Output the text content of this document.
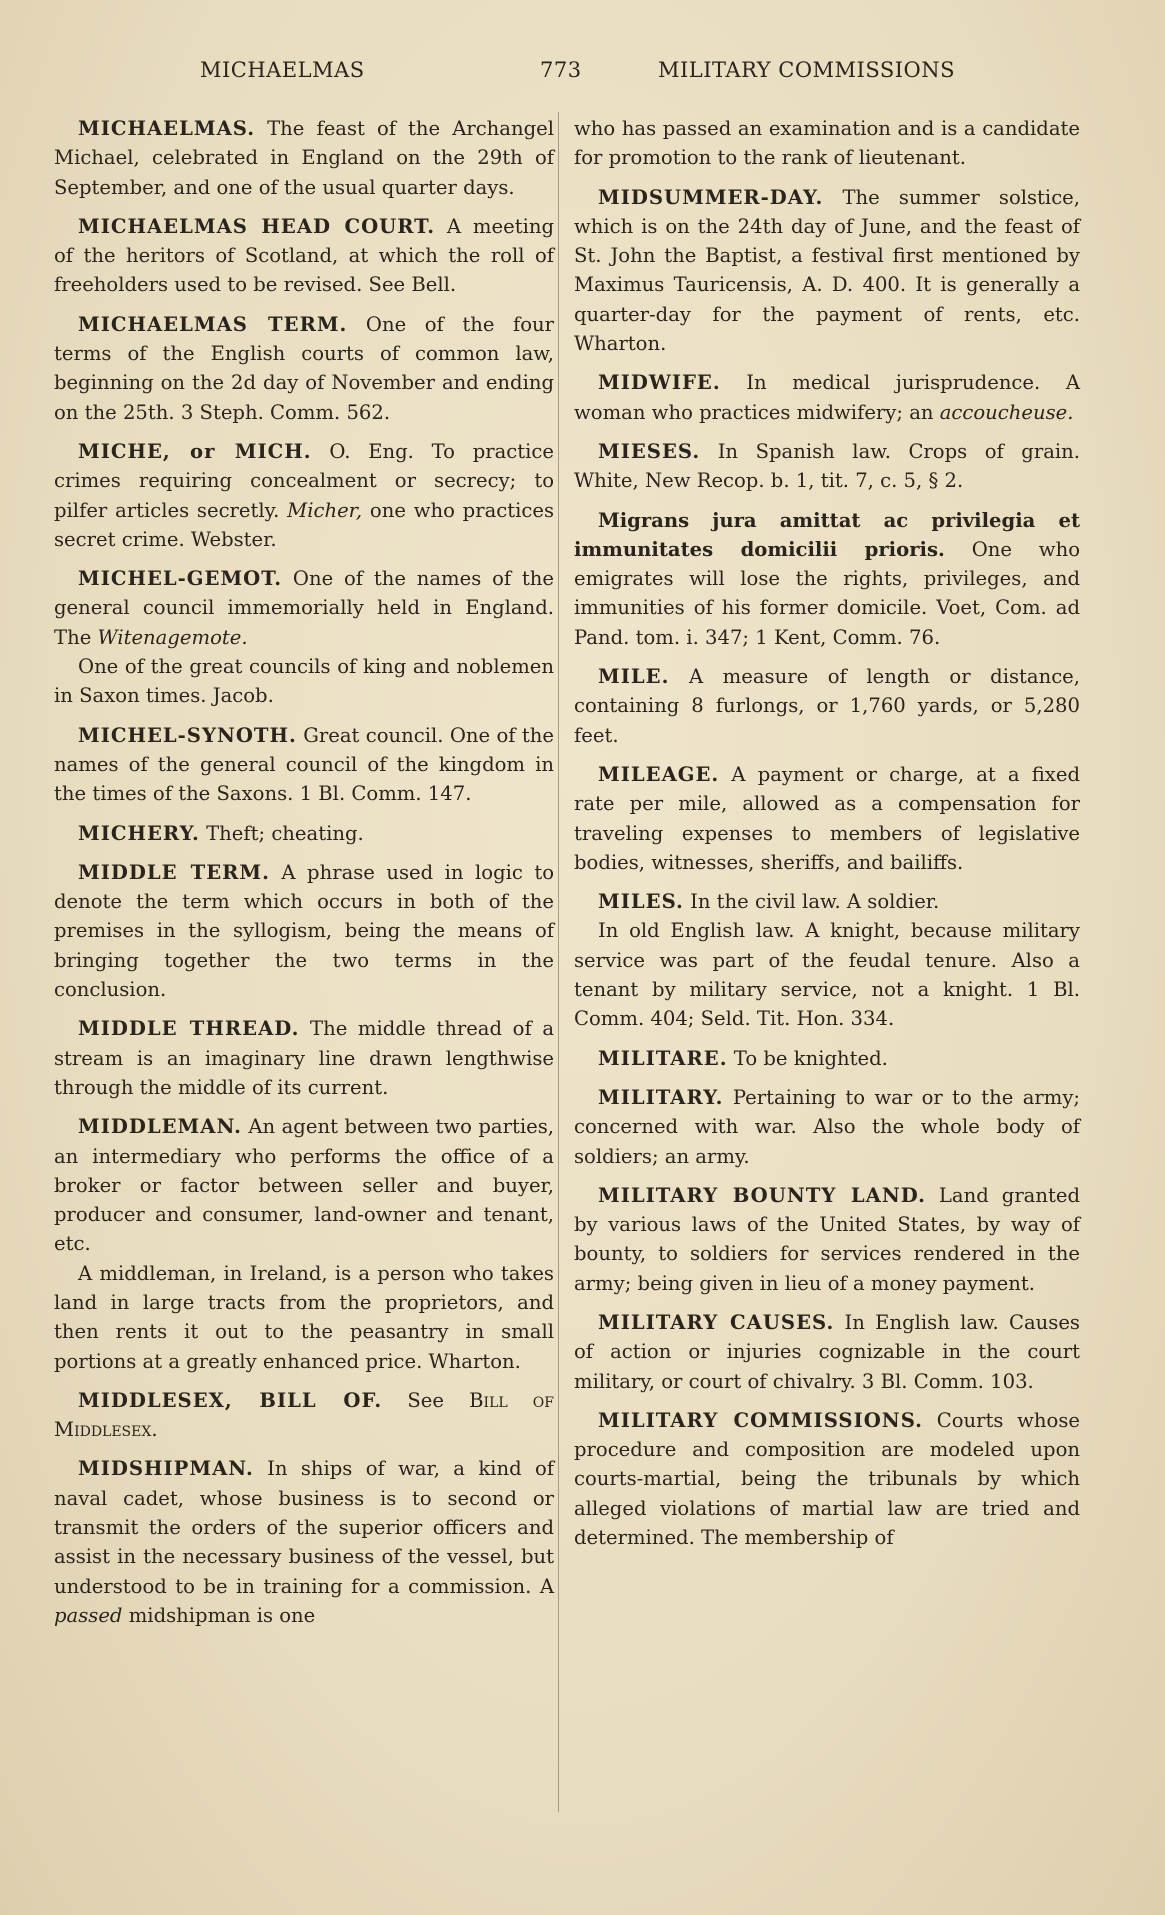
MICHAELMAS	773	MILITARY COMMISSIONS

MICHAELMAS. The feast of the Archangel Michael, celebrated in England on the 29th of September, and one of the usual quarter days.

MICHAELMAS HEAD COURT. A meeting of the heritors of Scotland, at which the roll of freeholders used to be revised. See Bell.

MICHAELMAS TERM. One of the four terms of the English courts of common law, beginning on the 2d day of November and ending on the 25th. 3 Steph. Comm. 562.

MICHE, or MICH. O. Eng. To practice crimes requiring concealment or secrecy; to pilfer articles secretly. Micher, one who practices secret crime. Webster.

MICHEL-GEMOT. One of the names of the general council immemorially held in England. The Witenagemote.

One of the great councils of king and noblemen in Saxon times. Jacob.

MICHEL-SYNOTH. Great council. One of the names of the general council of the kingdom in the times of the Saxons. 1 Bl. Comm. 147.

MICHERY. Theft; cheating.

MIDDLE TERM. A phrase used in logic to denote the term which occurs in both of the premises in the syllogism, being the means of bringing together the two terms in the conclusion.

MIDDLE THREAD. The middle thread of a stream is an imaginary line drawn lengthwise through the middle of its current.

MIDDLEMAN. An agent between two parties, an intermediary who performs the office of a broker or factor between seller and buyer, producer and consumer, land-owner and tenant, etc.

A middleman, in Ireland, is a person who takes land in large tracts from the proprietors, and then rents it out to the peasantry in small portions at a greatly enhanced price. Wharton.

MIDDLESEX, BILL OF. See Bill of Middlesex.

MIDSHIPMAN. In ships of war, a kind of naval cadet, whose business is to second or transmit the orders of the superior officers and assist in the necessary business of the vessel, but understood to be in training for a commission. A passed midshipman is one

who has passed an examination and is a candidate for promotion to the rank of lieutenant.

MIDSUMMER-DAY. The summer solstice, which is on the 24th day of June, and the feast of St. John the Baptist, a festival first mentioned by Maximus Tauricensis, A. D. 400. It is generally a quarter-day for the payment of rents, etc. Wharton.

MIDWIFE. In medical jurisprudence. A woman who practices midwifery; an accoucheuse.

MIESES. In Spanish law. Crops of grain. White, New Recop. b. 1, tit. 7, c. 5, § 2.

Migrans jura amittat ac privilegia et immunitates domicilii prioris. One who emigrates will lose the rights, privileges, and immunities of his former domicile. Voet, Com. ad Pand. tom. i. 347; 1 Kent, Comm. 76.

MILE. A measure of length or distance, containing 8 furlongs, or 1,760 yards, or 5,280 feet.

MILEAGE. A payment or charge, at a fixed rate per mile, allowed as a compensation for traveling expenses to members of legislative bodies, witnesses, sheriffs, and bailiffs.

MILES. In the civil law. A soldier.

In old English law. A knight, because military service was part of the feudal tenure. Also a tenant by military service, not a knight. 1 Bl. Comm. 404; Seld. Tit. Hon. 334.

MILITARE. To be knighted.

MILITARY. Pertaining to war or to the army; concerned with war. Also the whole body of soldiers; an army.

MILITARY BOUNTY LAND. Land granted by various laws of the United States, by way of bounty, to soldiers for services rendered in the army; being given in lieu of a money payment.

MILITARY CAUSES. In English law. Causes of action or injuries cognizable in the court military, or court of chivalry. 3 Bl. Comm. 103.

MILITARY COMMISSIONS. Courts whose procedure and composition are modeled upon courts-martial, being the tribunals by which alleged violations of martial law are tried and determined. The membership of
